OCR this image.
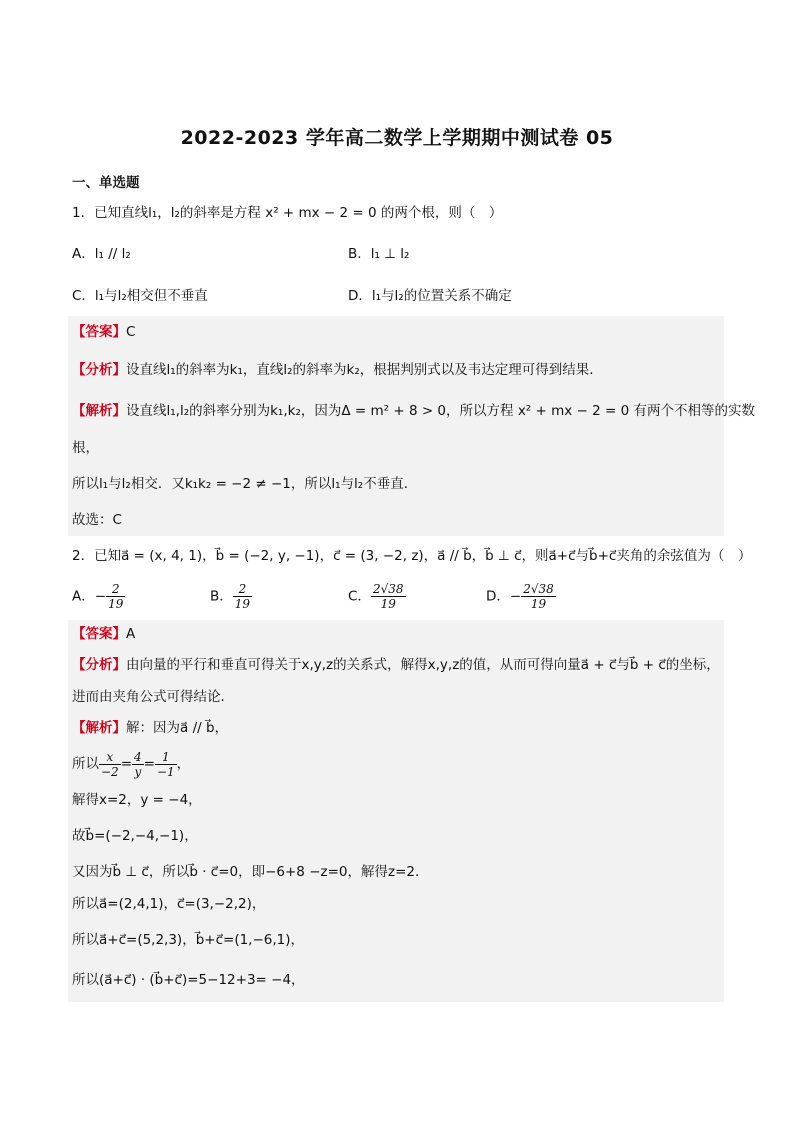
2022-2023 学年高二数学上学期期中测试卷 05
一、单选题
1．已知直线l₁，l₂的斜率是方程 x² + mx − 2 = 0 的两个根，则（　）
A．l₁ // l₂	B．l₁ ⊥ l₂
C．l₁与l₂相交但不垂直	D．l₁与l₂的位置关系不确定
【答案】C
【分析】设直线l₁的斜率为k₁，直线l₂的斜率为k₂，根据判别式以及韦达定理可得到结果.
【解析】设直线l₁,l₂的斜率分别为k₁,k₂，因为Δ = m² + 8 > 0，所以方程 x² + mx − 2 = 0 有两个不相等的实数
根，
所以l₁与l₂相交．又k₁k₂ = −2 ≠ −1，所以l₁与l₂不垂直．
故选：C
2．已知a⃗ = (x, 4, 1)，b⃗ = (−2, y, −1)，c⃗ = (3, −2, z)，a⃗ // b⃗，b⃗ ⊥ c⃗，则a⃗+c⃗与b⃗+c⃗夹角的余弦值为（　）
A．− $\frac{2}{19}$	B． $\frac{2}{19}$	C． $\frac{2√38}{19}$	D．− $\frac{2√38}{19}$
【答案】A
【分析】由向量的平行和垂直可得关于x,y,z的关系式，解得x,y,z的值，从而可得向量a⃗ + c⃗与b⃗ + c⃗的坐标，
进而由夹角公式可得结论．
【解析】解：因为a⃗ // b⃗，
所以 $\frac{x}{-2} = \frac{4}{y} = \frac{1}{-1}$ ，
解得x=2，y = −4，
故b⃗=(−2,−4,−1)，
又因为b⃗ ⊥ c⃗，所以b⃗ · c⃗=0，即−6+8 −z=0，解得z=2．
所以a⃗=(2,4,1)，c⃗=(3,−2,2)，
所以a⃗+c⃗=(5,2,3)，b⃗+c⃗=(1,−6,1)，
所以(a⃗+c⃗) · (b⃗+c⃗)=5−12+3= −4，
